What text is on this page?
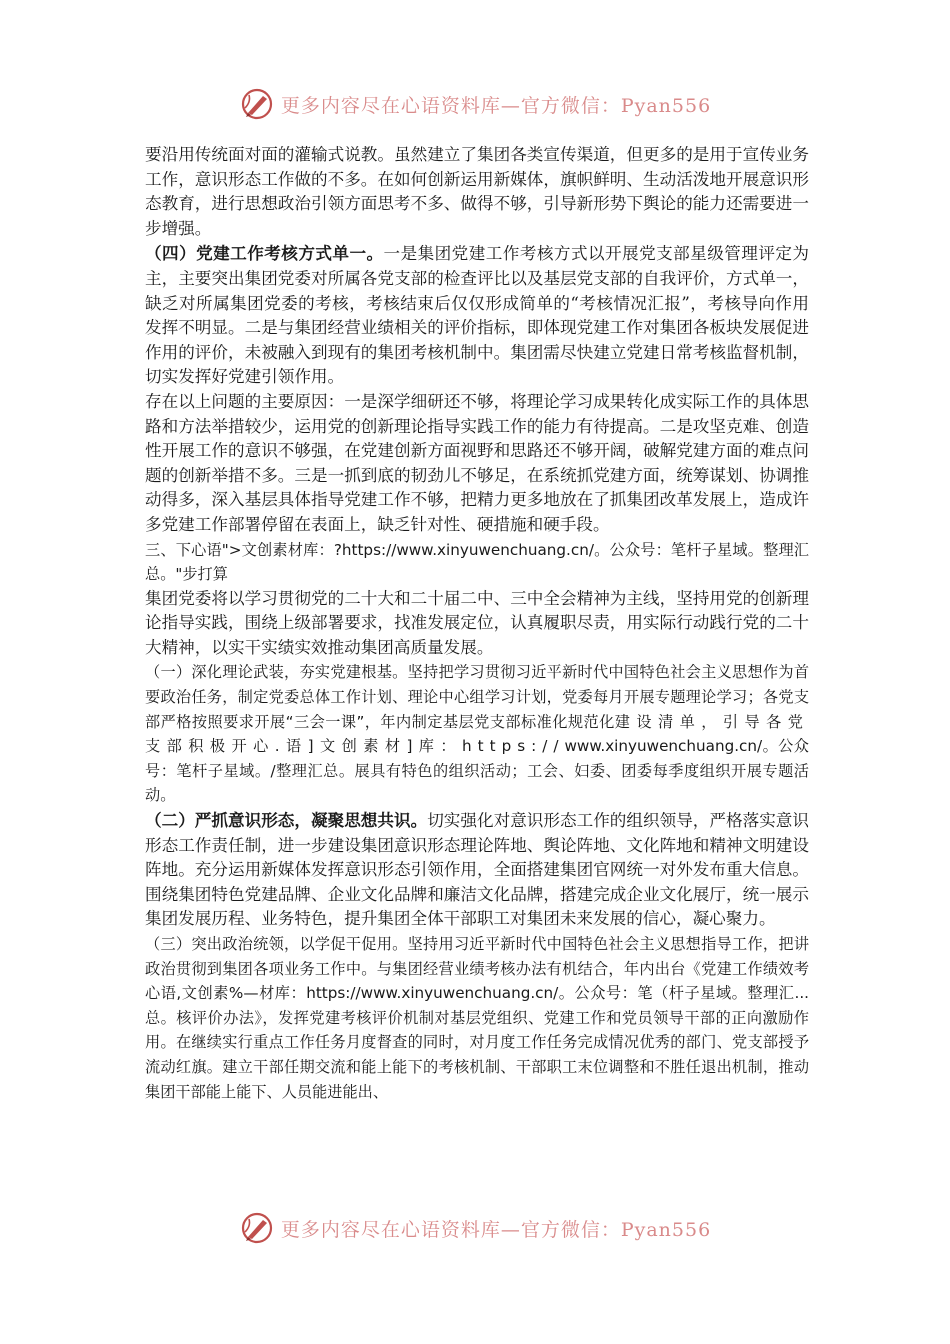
更多内容尽在心语资料库—官方微信：Pyan556

要沿用传统面对面的灌输式说教。虽然建立了集团各类宣传渠道，但更多的是用于宣传业务工作，意识形态工作做的不多。在如何创新运用新媒体，旗帜鲜明、生动活泼地开展意识形态教育，进行思想政治引领方面思考不多、做得不够，引导新形势下舆论的能力还需要进一步增强。

（四）党建工作考核方式单一。一是集团党建工作考核方式以开展党支部星级管理评定为主，主要突出集团党委对所属各党支部的检查评比以及基层党支部的自我评价，方式单一，缺乏对所属集团党委的考核，考核结束后仅仅形成简单的“考核情况汇报”，考核导向作用发挥不明显。二是与集团经营业绩相关的评价指标，即体现党建工作对集团各板块发展促进作用的评价，未被融入到现有的集团考核机制中。集团需尽快建立党建日常考核监督机制，切实发挥好党建引领作用。

存在以上问题的主要原因：一是深学细研还不够，将理论学习成果转化成实际工作的具体思路和方法举措较少，运用党的创新理论指导实践工作的能力有待提高。二是攻坚克难、创造性开展工作的意识不够强，在党建创新方面视野和思路还不够开阔，破解党建方面的难点问题的创新举措不多。三是一抓到底的韧劲儿不够足，在系统抓党建方面，统筹谋划、协调推动得多，深入基层具体指导党建工作不够，把精力更多地放在了抓集团改革发展上，造成许多党建工作部署停留在表面上，缺乏针对性、硬措施和硬手段。

三、下心语">文创素材库：?https://www.xinyuwenchuang.cn/。公众号：笔杆子星域。整理汇总。"步打算

集团党委将以学习贯彻党的二十大和二十届二中、三中全会精神为主线，坚持用党的创新理论指导实践，围绕上级部署要求，找准发展定位，认真履职尽责，用实际行动践行党的二十大精神，以实干实绩实效推动集团高质量发展。

（一）深化理论武装，夯实党建根基。坚持把学习贯彻习近平新时代中国特色社会主义思想作为首要政治任务，制定党委总体工作计划、理论中心组学习计划，党委每月开展专题理论学习；各党支部严格按照要求开展“三会一课”，年内制定基层党支部标准化规范化建设清单，引导各党支部积极开心.语]文创素材]库：https://www.xinyuwenchuang.cn/。公众号：笔杆子星域。/整理汇总。展具有特色的组织活动；工会、妇委、团委每季度组织开展专题活动。

（二）严抓意识形态，凝聚思想共识。切实强化对意识形态工作的组织领导，严格落实意识形态工作责任制，进一步建设集团意识形态理论阵地、舆论阵地、文化阵地和精神文明建设阵地。充分运用新媒体发挥意识形态引领作用，全面搭建集团官网统一对外发布重大信息。围绕集团特色党建品牌、企业文化品牌和廉洁文化品牌，搭建完成企业文化展厅，统一展示集团发展历程、业务特色，提升集团全体干部职工对集团未来发展的信心，凝心聚力。

（三）突出政治统领，以学促干促用。坚持用习近平新时代中国特色社会主义思想指导工作，把讲政治贯彻到集团各项业务工作中。与集团经营业绩考核办法有机结合，年内出台《党建工作绩效考心语,文创素%—材库：https://www.xinyuwenchuang.cn/。公众号：笔（杆子星域。整理汇...总。核评价办法》，发挥党建考核评价机制对基层党组织、党建工作和党员领导干部的正向激励作用。在继续实行重点工作任务月度督查的同时，对月度工作任务完成情况优秀的部门、党支部授予流动红旗。建立干部任期交流和能上能下的考核机制、干部职工末位调整和不胜任退出机制，推动集团干部能上能下、人员能进能出、

更多内容尽在心语资料库—官方微信：Pyan556
